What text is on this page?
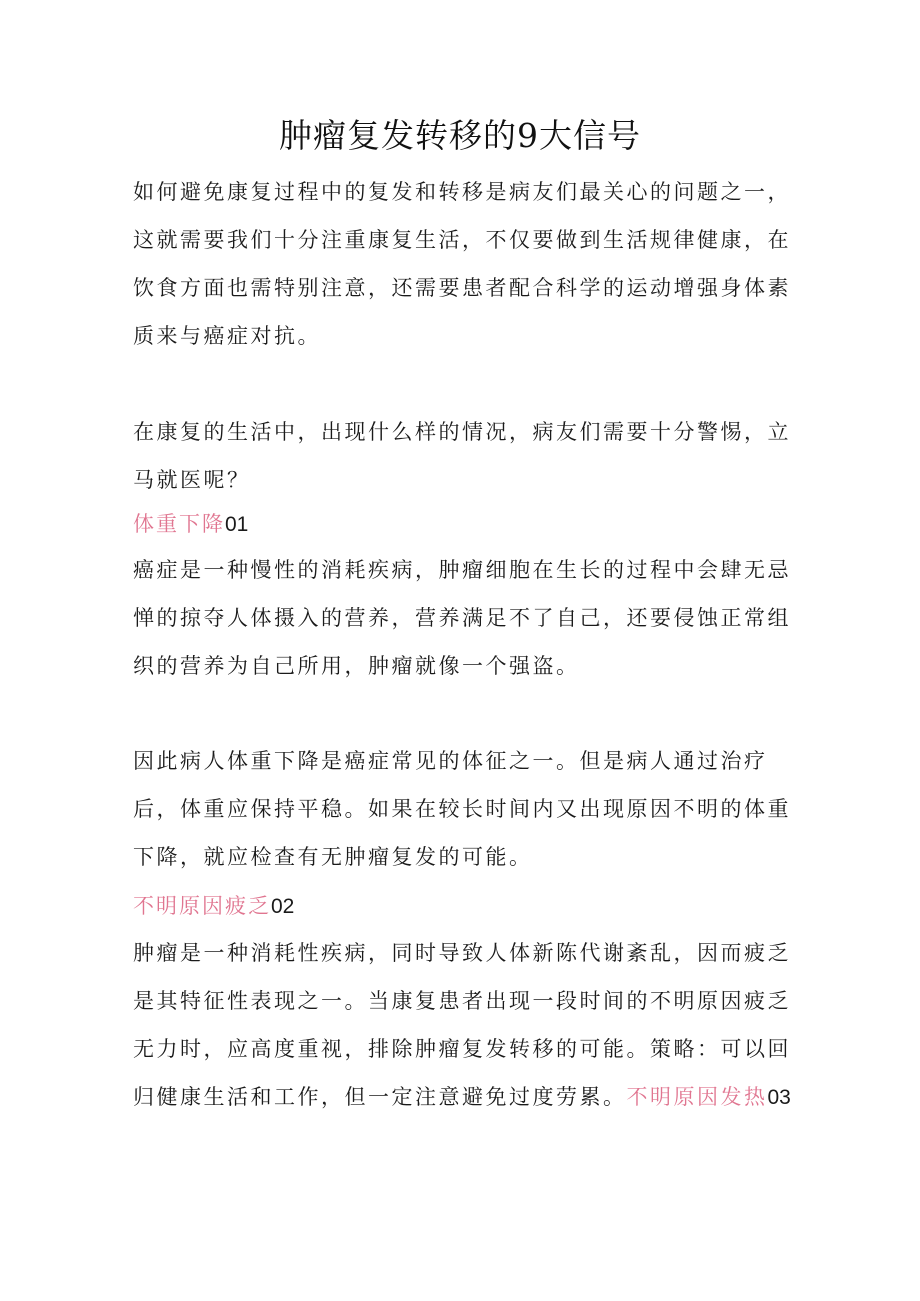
肿瘤复发转移的9大信号

如何避免康复过程中的复发和转移是病友们最关心的问题之一，这就需要我们十分注重康复生活，不仅要做到生活规律健康，在饮食方面也需特别注意，还需要患者配合科学的运动增强身体素质来与癌症对抗。

在康复的生活中，出现什么样的情况，病友们需要十分警惕，立马就医呢？

体重下降01

癌症是一种慢性的消耗疾病，肿瘤细胞在生长的过程中会肆无忌惮的掠夺人体摄入的营养，营养满足不了自己，还要侵蚀正常组织的营养为自己所用，肿瘤就像一个强盗。

因此病人体重下降是癌症常见的体征之一。但是病人通过治疗后，体重应保持平稳。如果在较长时间内又出现原因不明的体重下降，就应检查有无肿瘤复发的可能。

不明原因疲乏02

肿瘤是一种消耗性疾病，同时导致人体新陈代谢紊乱，因而疲乏是其特征性表现之一。当康复患者出现一段时间的不明原因疲乏无力时，应高度重视，排除肿瘤复发转移的可能。策略：可以回归健康生活和工作，但一定注意避免过度劳累。不明原因发热03
